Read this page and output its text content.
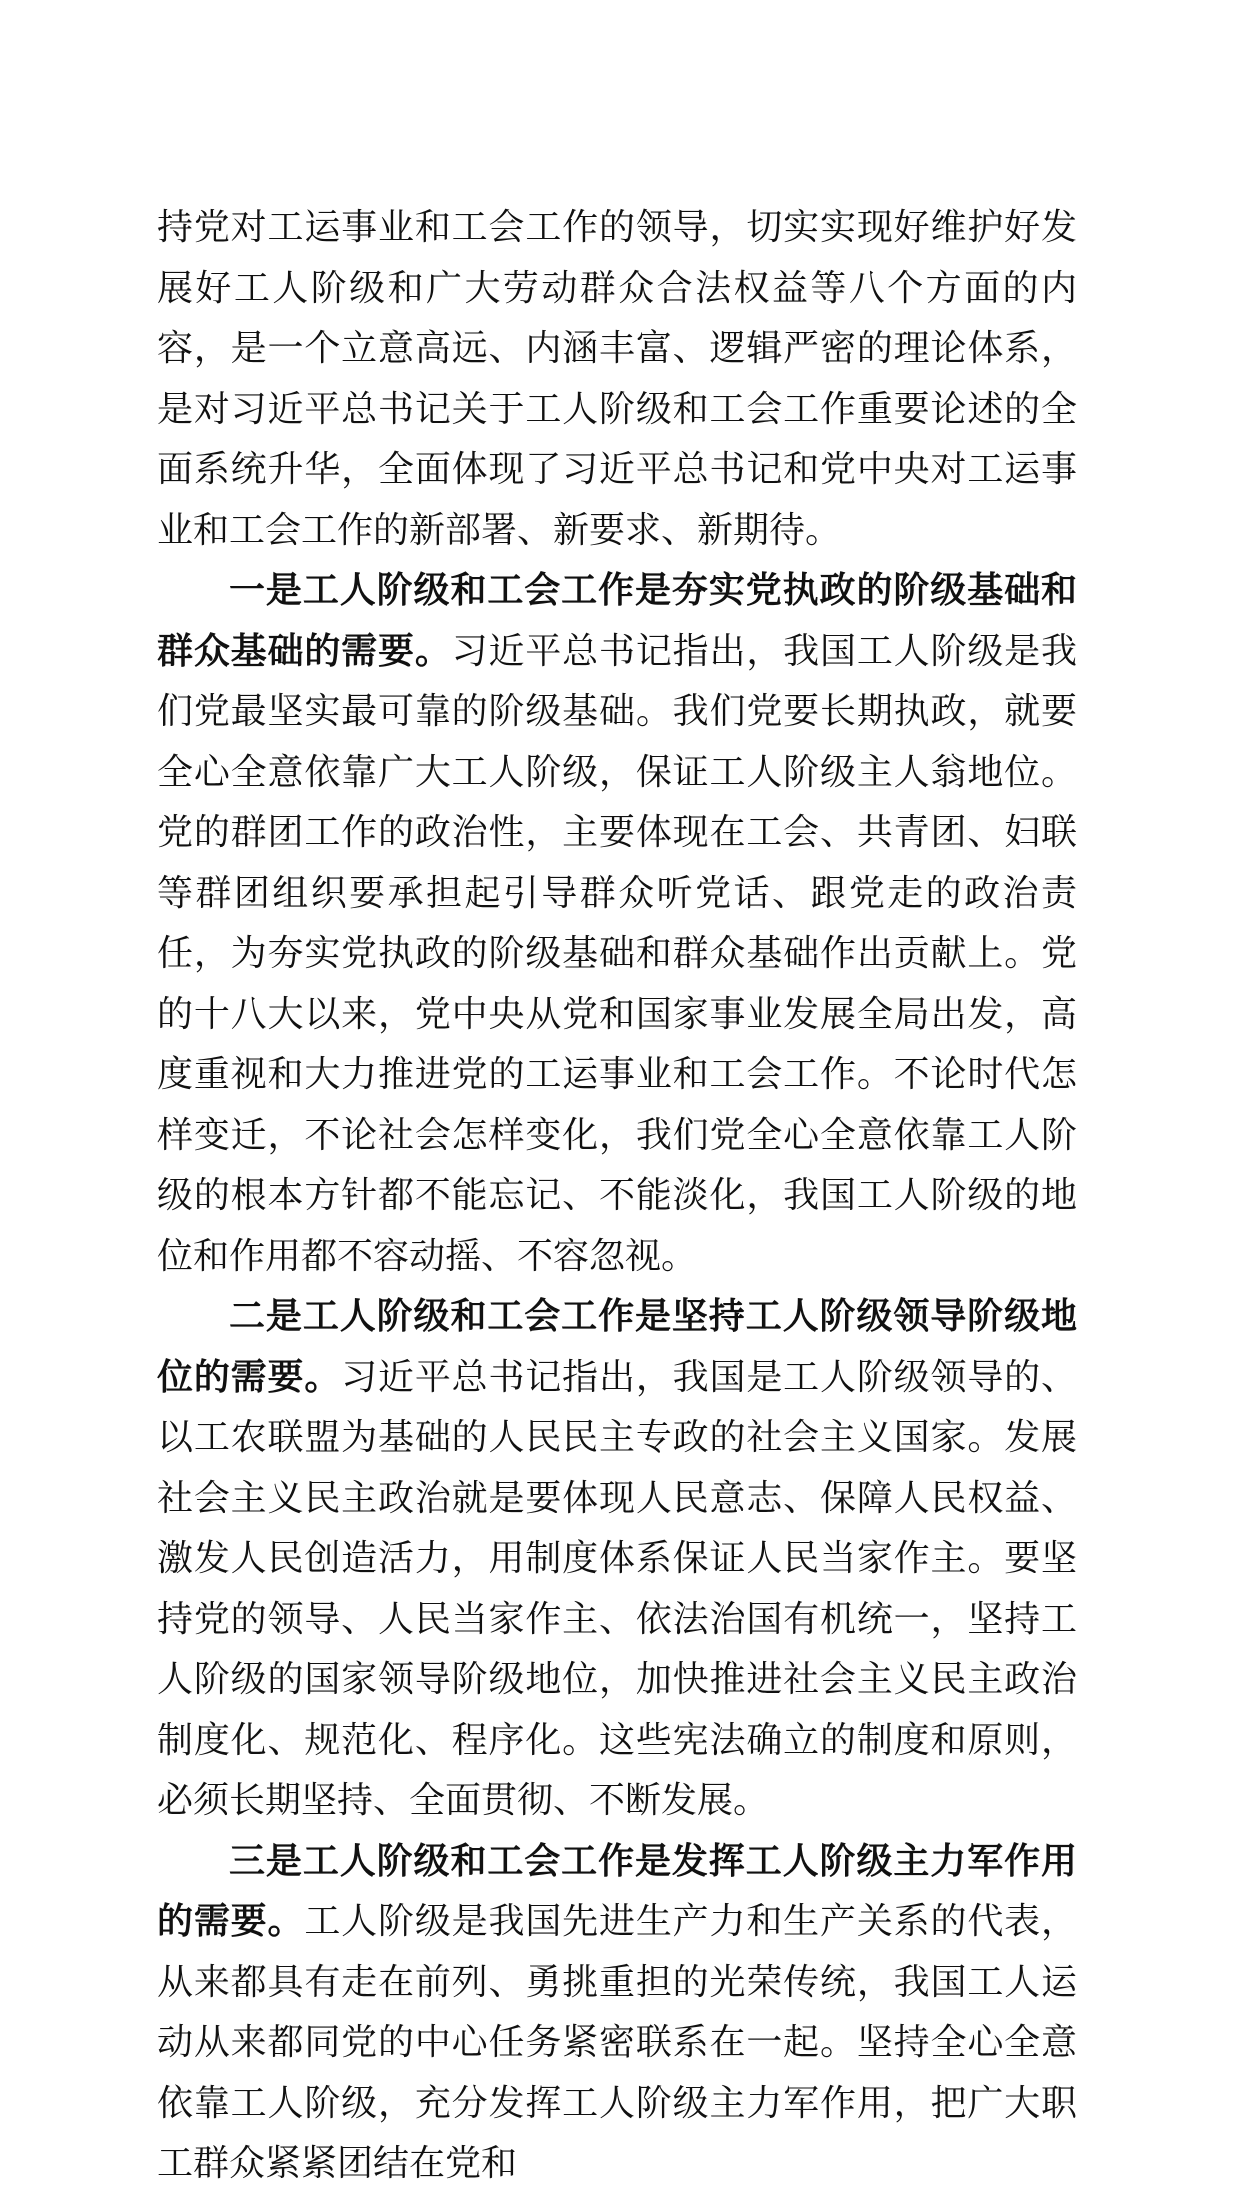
持党对工运事业和工会工作的领导，切实实现好维护好发展好工人阶级和广大劳动群众合法权益等八个方面的内容，是一个立意高远、内涵丰富、逻辑严密的理论体系，是对习近平总书记关于工人阶级和工会工作重要论述的全面系统升华，全面体现了习近平总书记和党中央对工运事业和工会工作的新部署、新要求、新期待。

一是工人阶级和工会工作是夯实党执政的阶级基础和群众基础的需要。习近平总书记指出，我国工人阶级是我们党最坚实最可靠的阶级基础。我们党要长期执政，就要全心全意依靠广大工人阶级，保证工人阶级主人翁地位。党的群团工作的政治性，主要体现在工会、共青团、妇联等群团组织要承担起引导群众听党话、跟党走的政治责任，为夯实党执政的阶级基础和群众基础作出贡献上。党的十八大以来，党中央从党和国家事业发展全局出发，高度重视和大力推进党的工运事业和工会工作。不论时代怎样变迁，不论社会怎样变化，我们党全心全意依靠工人阶级的根本方针都不能忘记、不能淡化，我国工人阶级的地位和作用都不容动摇、不容忽视。

二是工人阶级和工会工作是坚持工人阶级领导阶级地位的需要。习近平总书记指出，我国是工人阶级领导的、以工农联盟为基础的人民民主专政的社会主义国家。发展社会主义民主政治就是要体现人民意志、保障人民权益、激发人民创造活力，用制度体系保证人民当家作主。要坚持党的领导、人民当家作主、依法治国有机统一，坚持工人阶级的国家领导阶级地位，加快推进社会主义民主政治制度化、规范化、程序化。这些宪法确立的制度和原则，必须长期坚持、全面贯彻、不断发展。

三是工人阶级和工会工作是发挥工人阶级主力军作用的需要。工人阶级是我国先进生产力和生产关系的代表，从来都具有走在前列、勇挑重担的光荣传统，我国工人运动从来都同党的中心任务紧密联系在一起。坚持全心全意依靠工人阶级，充分发挥工人阶级主力军作用，把广大职工群众紧紧团结在党和
